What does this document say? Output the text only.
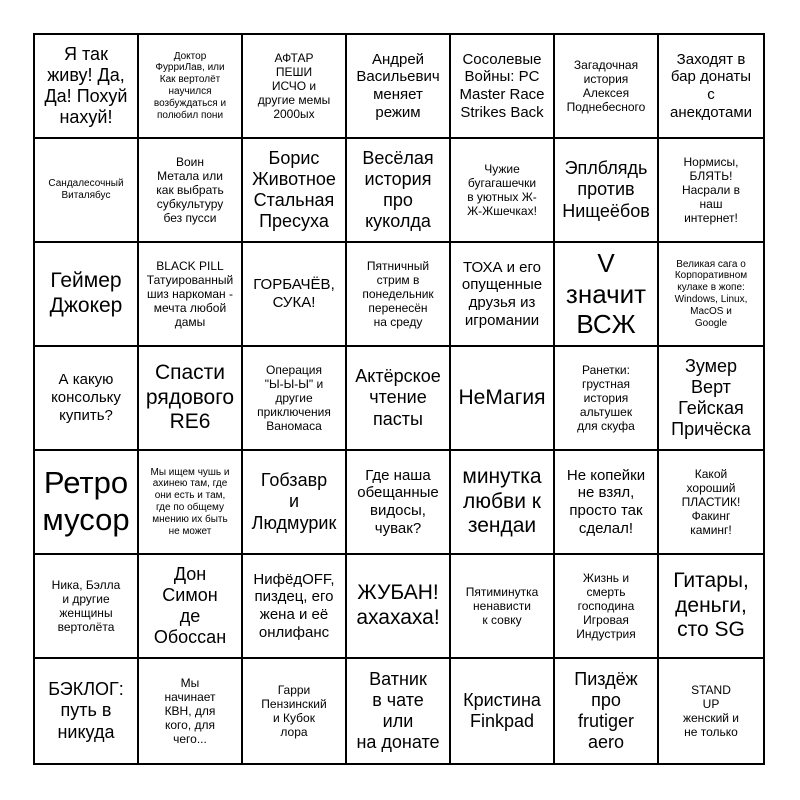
Я так
живу! Да,
Да! Похуй
нахуй!
Доктор
ФурриЛав, или
Как вертолёт
научился
возбуждаться и
полюбил пони
АФТАР
ПЕШИ
ИСЧО и
другие мемы
2000ых
Андрей
Васильевич
меняет
режим
Сосолевые
Войны: PC
Master Race
Strikes Back
Загадочная
история
Алексея
Поднебесного
Заходят в
бар донаты
с
анекдотами
Сандалесочный
Виталябус
Воин
Метала или
как выбрать
субкультуру
без пусси
Борис
Животное
Стальная
Пресуха
Весёлая
история
про
куколда
Чужие
бугагашечки
в уютных Ж-
Ж-Жшечках!
Эплблядь
против
Нищеёбов
Нормисы,
БЛЯТЬ!
Насрали в
наш
интернет!
Геймер
Джокер
BLACK PILL
Татуированный
шиз наркоман -
мечта любой
дамы
ГОРБАЧЁВ,
СУКА!
Пятничный
стрим в
понедельник
перенесён
на среду
ТОХА и его
опущенные
друзья из
игромании
V
значит
ВСЖ
Великая сага о
Корпоративном
кулаке в жопе:
Windows, Linux,
MacOS и
Google
А какую
консольку
купить?
Спасти
рядового
RE6
Операция
"Ы-Ы-Ы" и
другие
приключения
Ваномаса
Актёрское
чтение
пасты
НеМагия
Ранетки:
грустная
история
альтушек
для скуфа
Зумер
Верт
Гейская
Причёска
Ретро
мусор
Мы ищем чушь и
ахинею там, где
они есть и там,
где по общему
мнению их быть
не может
Гобзавр
и
Людмурик
Где наша
обещанные
видосы,
чувак?
минутка
любви к
зендаи
Не копейки
не взял,
просто так
сделал!
Какой
хороший
ПЛАСТИК!
Факинг
каминг!
Ника, Бэлла
и другие
женщины
вертолёта
Дон
Симон
де
Обоссан
НифёдOFF,
пиздец, его
жена и её
онлифанс
ЖУБАН!
ахахаха!
Пятиминутка
ненависти
к совку
Жизнь и
смерть
господина
Игровая
Индустрия
Гитары,
деньги,
сто SG
БЭКЛОГ:
путь в
никуда
Мы
начинает
КВН, для
кого, для
чего...
Гарри
Пензинский
и Кубок
лора
Ватник
в чате
или
на донате
Кристина
Finkpad
Пиздёж
про
frutiger
aero
STAND
UP
женский и
не только
